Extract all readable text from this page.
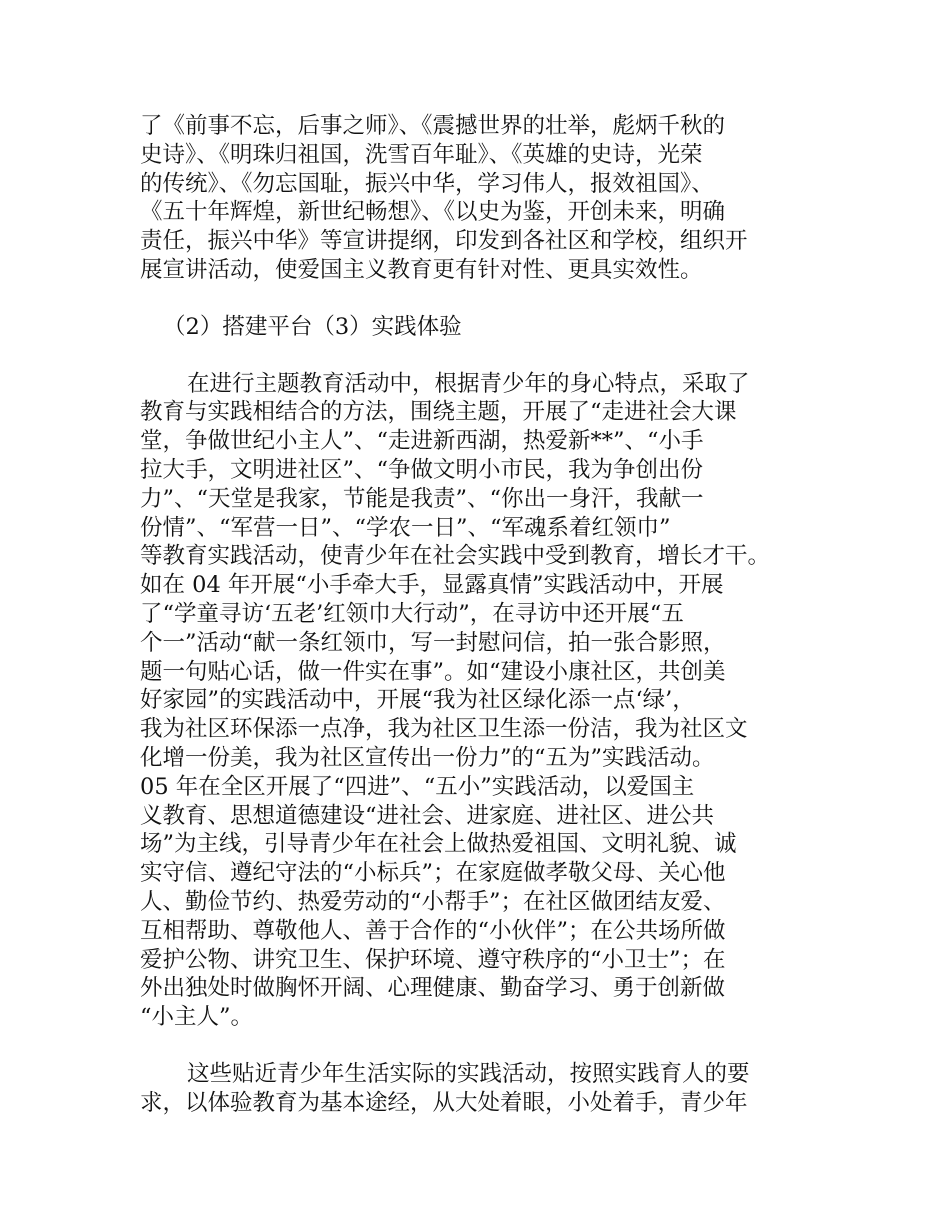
了《前事不忘，后事之师》、《震撼世界的壮举，彪炳千秋的
史诗》、《明珠归祖国，洗雪百年耻》、《英雄的史诗，光荣
的传统》、《勿忘国耻，振兴中华，学习伟人，报效祖国》、
《五十年辉煌，新世纪畅想》、《以史为鉴，开创未来，明确
责任，振兴中华》等宣讲提纲，印发到各社区和学校，组织开
展宣讲活动，使爱国主义教育更有针对性、更具实效性。
（2）搭建平台（3）实践体验
在进行主题教育活动中，根据青少年的身心特点，采取了
教育与实践相结合的方法，围绕主题，开展了“走进社会大课
堂，争做世纪小主人”、“走进新西湖，热爱新**”、“小手
拉大手，文明进社区”、“争做文明小市民，我为争创出份
力”、“天堂是我家，节能是我责”、“你出一身汗，我献一
份情”、“军营一日”、“学农一日”、“军魂系着红领巾”
等教育实践活动，使青少年在社会实践中受到教育，增长才干。
如在 04 年开展“小手牵大手，显露真情”实践活动中，开展
了“学童寻访‘五老’红领巾大行动”，在寻访中还开展“五
个一”活动“献一条红领巾，写一封慰问信，拍一张合影照，
题一句贴心话，做一件实在事”。如“建设小康社区，共创美
好家园”的实践活动中，开展“我为社区绿化添一点‘绿’，
我为社区环保添一点净，我为社区卫生添一份洁，我为社区文
化增一份美，我为社区宣传出一份力”的“五为”实践活动。
05 年在全区开展了“四进”、“五小”实践活动，以爱国主
义教育、思想道德建设“进社会、进家庭、进社区、进公共
场”为主线，引导青少年在社会上做热爱祖国、文明礼貌、诚
实守信、遵纪守法的“小标兵”；在家庭做孝敬父母、关心他
人、勤俭节约、热爱劳动的“小帮手”；在社区做团结友爱、
互相帮助、尊敬他人、善于合作的“小伙伴”；在公共场所做
爱护公物、讲究卫生、保护环境、遵守秩序的“小卫士”；在
外出独处时做胸怀开阔、心理健康、勤奋学习、勇于创新做
“小主人”。
这些贴近青少年生活实际的实践活动，按照实践育人的要
求，以体验教育为基本途经，从大处着眼，小处着手，青少年
